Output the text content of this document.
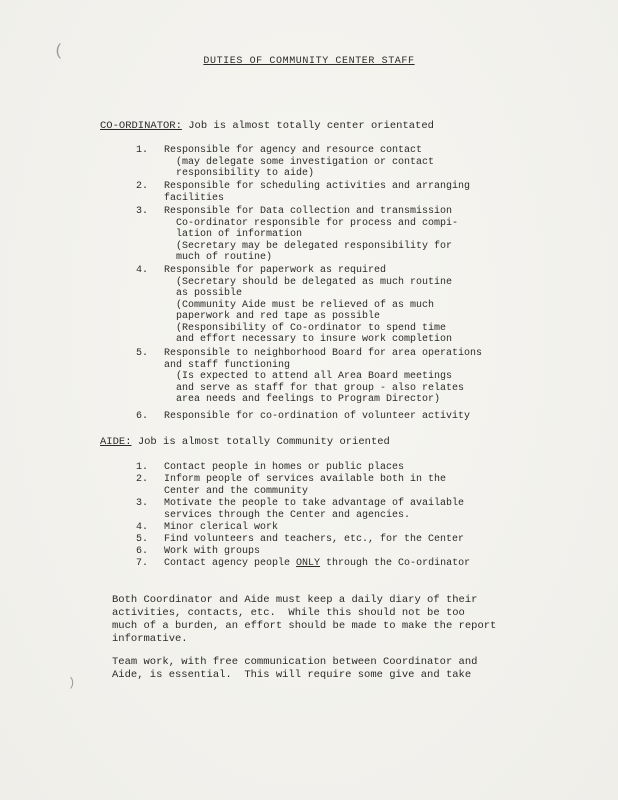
(
)
DUTIES OF COMMUNITY CENTER STAFF
CO-ORDINATOR: Job is almost totally center orientated
1. Responsible for agency and resource contact
(may delegate some investigation or contact
responsibility to aide)
2. Responsible for scheduling activities and arranging
facilities
3. Responsible for Data collection and transmission
Co-ordinator responsible for process and compi-
lation of information
(Secretary may be delegated responsibility for
much of routine)
4. Responsible for paperwork as required
(Secretary should be delegated as much routine
as possible
(Community Aide must be relieved of as much
paperwork and red tape as possible
(Responsibility of Co-ordinator to spend time
and effort necessary to insure work completion
5. Responsible to neighborhood Board for area operations
and staff functioning
(Is expected to attend all Area Board meetings
and serve as staff for that group - also relates
area needs and feelings to Program Director)
6. Responsible for co-ordination of volunteer activity
AIDE: Job is almost totally Community oriented
1. Contact people in homes or public places
2. Inform people of services available both in the
Center and the community
3. Motivate the people to take advantage of available
services through the Center and agencies.
4. Minor clerical work
5. Find volunteers and teachers, etc., for the Center
6. Work with groups
7. Contact agency people ONLY through the Co-ordinator
Both Coordinator and Aide must keep a daily diary of their
activities, contacts, etc.  While this should not be too
much of a burden, an effort should be made to make the report
informative.
Team work, with free communication between Coordinator and
Aide, is essential.  This will require some give and take
